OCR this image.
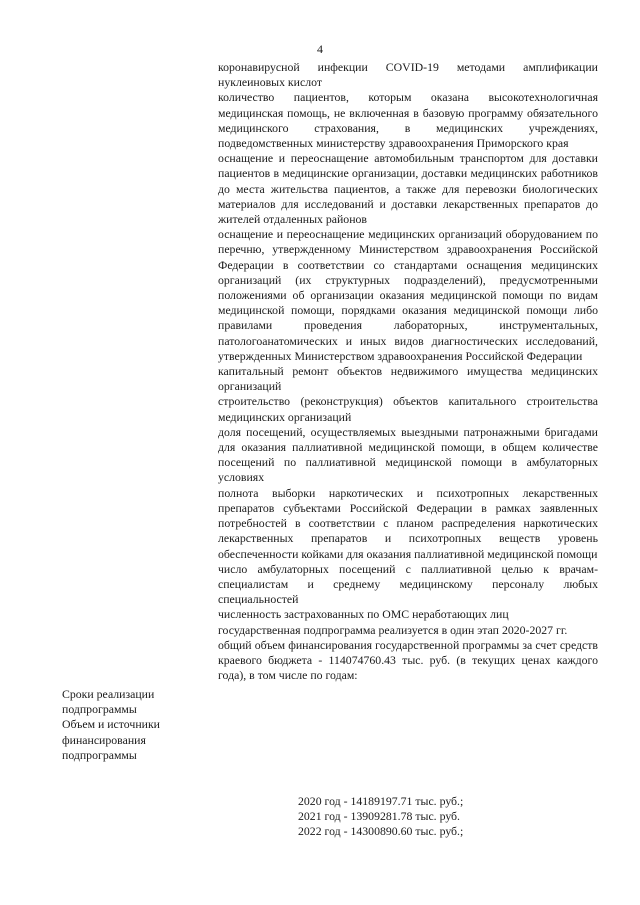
4

коронавирусной инфекции COVID-19 методами амплификации нуклеиновых кислот

количество пациентов, которым оказана высокотехнологичная медицинская помощь, не включенная в базовую программу обязательного медицинского страхования, в медицинских учреждениях, подведомственных министерству здравоохранения Приморского края

оснащение и переоснащение автомобильным транспортом для доставки пациентов в медицинские организации, доставки медицинских работников до места жительства пациентов, а также для перевозки биологических материалов для исследований и доставки лекарственных препаратов до жителей отдаленных районов

оснащение и переоснащение медицинских организаций оборудованием по перечню, утвержденному Министерством здравоохранения Российской Федерации в соответствии со стандартами оснащения медицинских организаций (их структурных подразделений), предусмотренными положениями об организации оказания медицинской помощи по видам медицинской помощи, порядками оказания медицинской помощи либо правилами проведения лабораторных, инструментальных, патологоанатомических и иных видов диагностических исследований, утвержденных Министерством здравоохранения Российской Федерации

капитальный ремонт объектов недвижимого имущества медицинских организаций

строительство (реконструкция) объектов капитального строительства медицинских организаций

доля посещений, осуществляемых выездными патронажными бригадами для оказания паллиативной медицинской помощи, в общем количестве посещений по паллиативной медицинской помощи в амбулаторных условиях

полнота выборки наркотических и психотропных лекарственных препаратов субъектами Российской Федерации в рамках заявленных потребностей в соответствии с планом распределения наркотических лекарственных препаратов и психотропных веществ уровень обеспеченности койками для оказания паллиативной медицинской помощи

число амбулаторных посещений с паллиативной целью к врачам-специалистам и среднему медицинскому персоналу любых специальностей

численность застрахованных по ОМС неработающих лиц

государственная подпрограмма реализуется в один этап 2020-2027 гг.

общий объем финансирования государственной программы за счет средств краевого бюджета - 114074760.43 тыс. руб. (в текущих ценах каждого года), в том числе по годам:

Сроки реализации подпрограммы

Объем и источники финансирования подпрограммы

2020 год - 14189197.71 тыс. руб.;

2021 год - 13909281.78 тыс. руб.

2022 год - 14300890.60 тыс. руб.;
